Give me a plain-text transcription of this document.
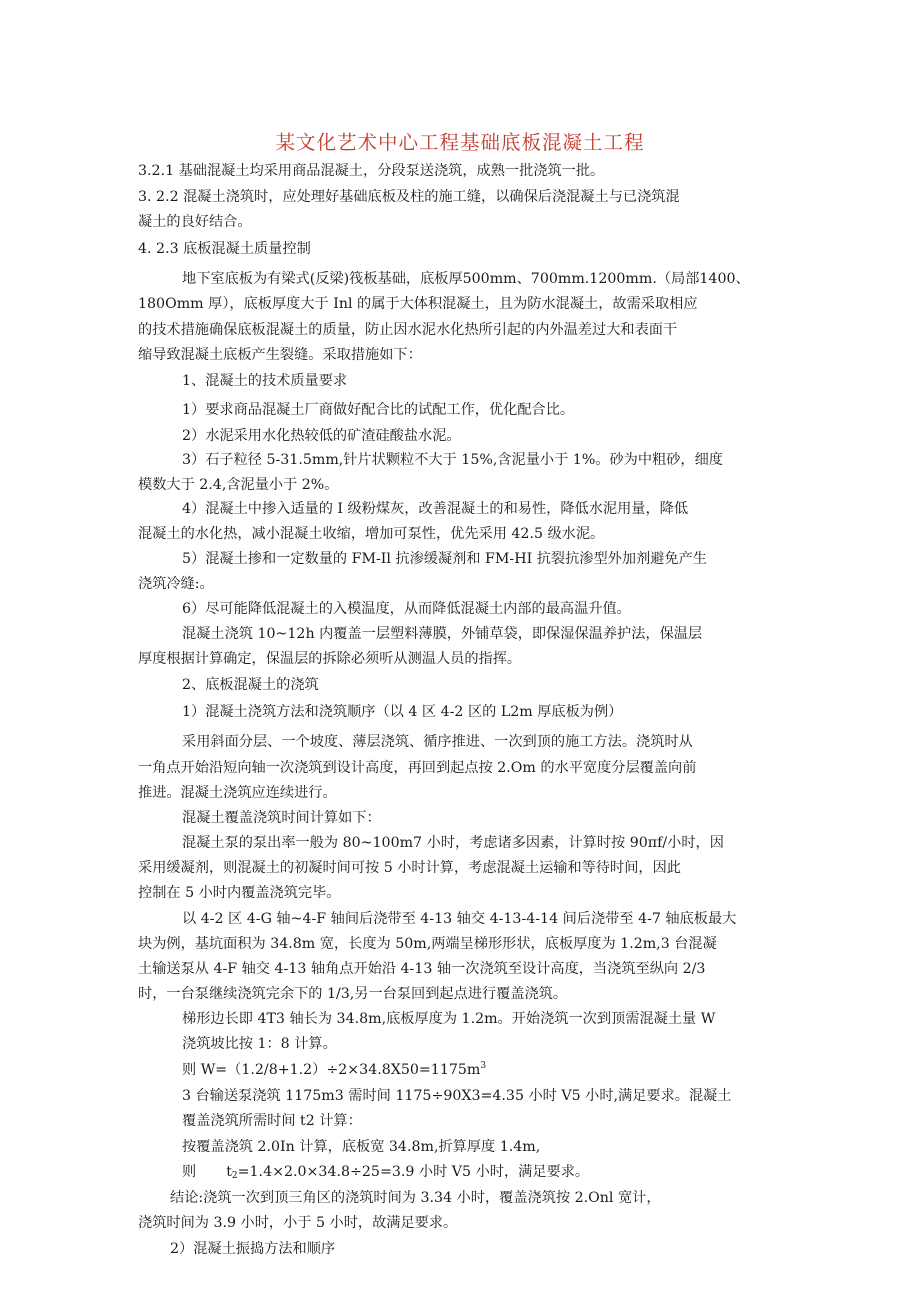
某文化艺术中心工程基础底板混凝土工程

3.2.1 基础混凝土均采用商品混凝土，分段泵送浇筑，成熟一批浇筑一批。

3. 2.2 混凝土浇筑时，应处理好基础底板及柱的施工缝，以确保后浇混凝土与已浇筑混

凝土的良好结合。

4. 2.3 底板混凝土质量控制

地下室底板为有梁式(反梁)筏板基础，底板厚500mm、700mm.1200mm.（局部1400、

180Omm 厚），底板厚度大于 Inl 的属于大体积混凝土，且为防水混凝土，故需采取相应

的技术措施确保底板混凝土的质量，防止因水泥水化热所引起的内外温差过大和表面干

缩导致混凝土底板产生裂缝。采取措施如下：

1、混凝土的技术质量要求

1）要求商品混凝土厂商做好配合比的试配工作，优化配合比。

2）水泥采用水化热较低的矿渣硅酸盐水泥。

3）石子粒径 5-31.5mm,针片状颗粒不大于 15%,含泥量小于 1%。砂为中粗砂，细度

模数大于 2.4,含泥量小于 2%。

4）混凝土中掺入适量的 I 级粉煤灰，改善混凝土的和易性，降低水泥用量，降低

混凝土的水化热，减小混凝土收缩，增加可泵性，优先采用 42.5 级水泥。

5）混凝土掺和一定数量的 FM-Il 抗渗缓凝剂和 FM-HI 抗裂抗渗型外加剂避免产生

浇筑冷缝:。

6）尽可能降低混凝土的入模温度，从而降低混凝土内部的最高温升值。

混凝土浇筑 10~12h 内覆盖一层塑料薄膜，外铺草袋，即保湿保温养护法，保温层

厚度根据计算确定，保温层的拆除必须听从测温人员的指挥。

2、底板混凝土的浇筑

1）混凝土浇筑方法和浇筑顺序（以 4 区 4-2 区的 L2m 厚底板为例）

采用斜面分层、一个坡度、薄层浇筑、循序推进、一次到顶的施工方法。浇筑时从

一角点开始沿短向轴一次浇筑到设计高度，再回到起点按 2.Om 的水平宽度分层覆盖向前

推进。混凝土浇筑应连续进行。

混凝土覆盖浇筑时间计算如下：

混凝土泵的泵出率一般为 80~100m7 小时，考虑诸多因素，计算时按 90πf/小时，因

采用缓凝剂，则混凝土的初凝时间可按 5 小时计算，考虑混凝土运输和等待时间，因此

控制在 5 小时内覆盖浇筑完毕。

以 4-2 区 4-G 轴~4-F 轴间后浇带至 4-13 轴交 4-13-4-14 间后浇带至 4-7 轴底板最大

块为例，基坑面积为 34.8m 宽，长度为 50m,两端呈梯形形状，底板厚度为 1.2m,3 台混凝

土输送泵从 4-F 轴交 4-13 轴角点开始沿 4-13 轴一次浇筑至设计高度，当浇筑至纵向 2/3

时，一台泵继续浇筑完余下的 1/3,另一台泵回到起点进行覆盖浇筑。

梯形边长即 4T3 轴长为 34.8m,底板厚度为 1.2m。开始浇筑一次到顶需混凝土量 W

浇筑坡比按 1：8 计算。

则 $W=(1.2/8+1.2)\div 2\times 34.8X50=1175m^3$

3 台输送泵浇筑 1175m3 需时间 1175÷90X3=4.35 小时 V5 小时,满足要求。混凝土

覆盖浇筑所需时间 t2 计算：

按覆盖浇筑 2.0In 计算，底板宽 34.8m,折算厚度 1.4m,

则 $t_2=1.4\times 2.0\times 34.8\div 25=3.9$ 小时 V5 小时，满足要求。

结论:浇筑一次到顶三角区的浇筑时间为 3.34 小时，覆盖浇筑按 2.Onl 宽计，

浇筑时间为 3.9 小时，小于 5 小时，故满足要求。

2）混凝土振捣方法和顺序
